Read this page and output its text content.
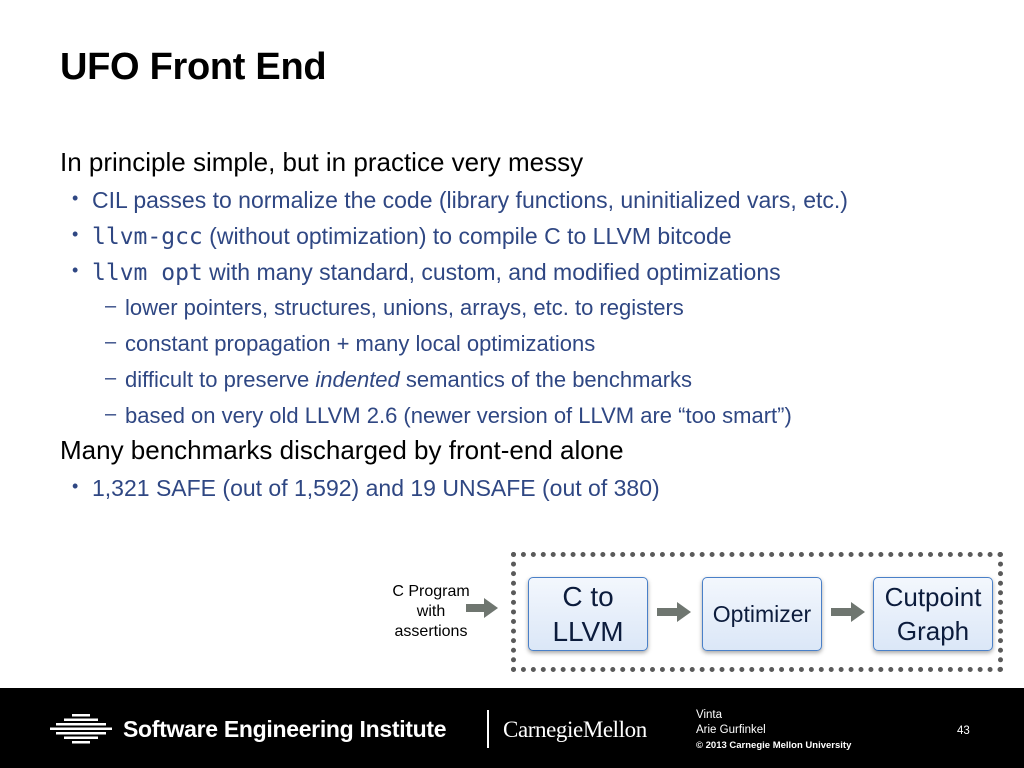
UFO Front End

In principle simple, but in practice very messy

• CIL passes to normalize the code (library functions, uninitialized vars, etc.)

• llvm-gcc (without optimization) to compile C to LLVM bitcode

• llvm opt with many standard, custom, and modified optimizations

– lower pointers, structures, unions, arrays, etc. to registers

– constant propagation + many local optimizations

– difficult to preserve indented semantics of the benchmarks

– based on very old LLVM 2.6 (newer version of LLVM are “too smart”)

Many benchmarks discharged by front-end alone

• 1,321 SAFE (out of 1,592) and 19 UNSAFE (out of 380)

C Program
with
assertions
C to
LLVM
Optimizer
Cutpoint
Graph
Software Engineering Institute CarnegieMellon
Vinta
Arie Gurfinkel
© 2013 Carnegie Mellon University
43
